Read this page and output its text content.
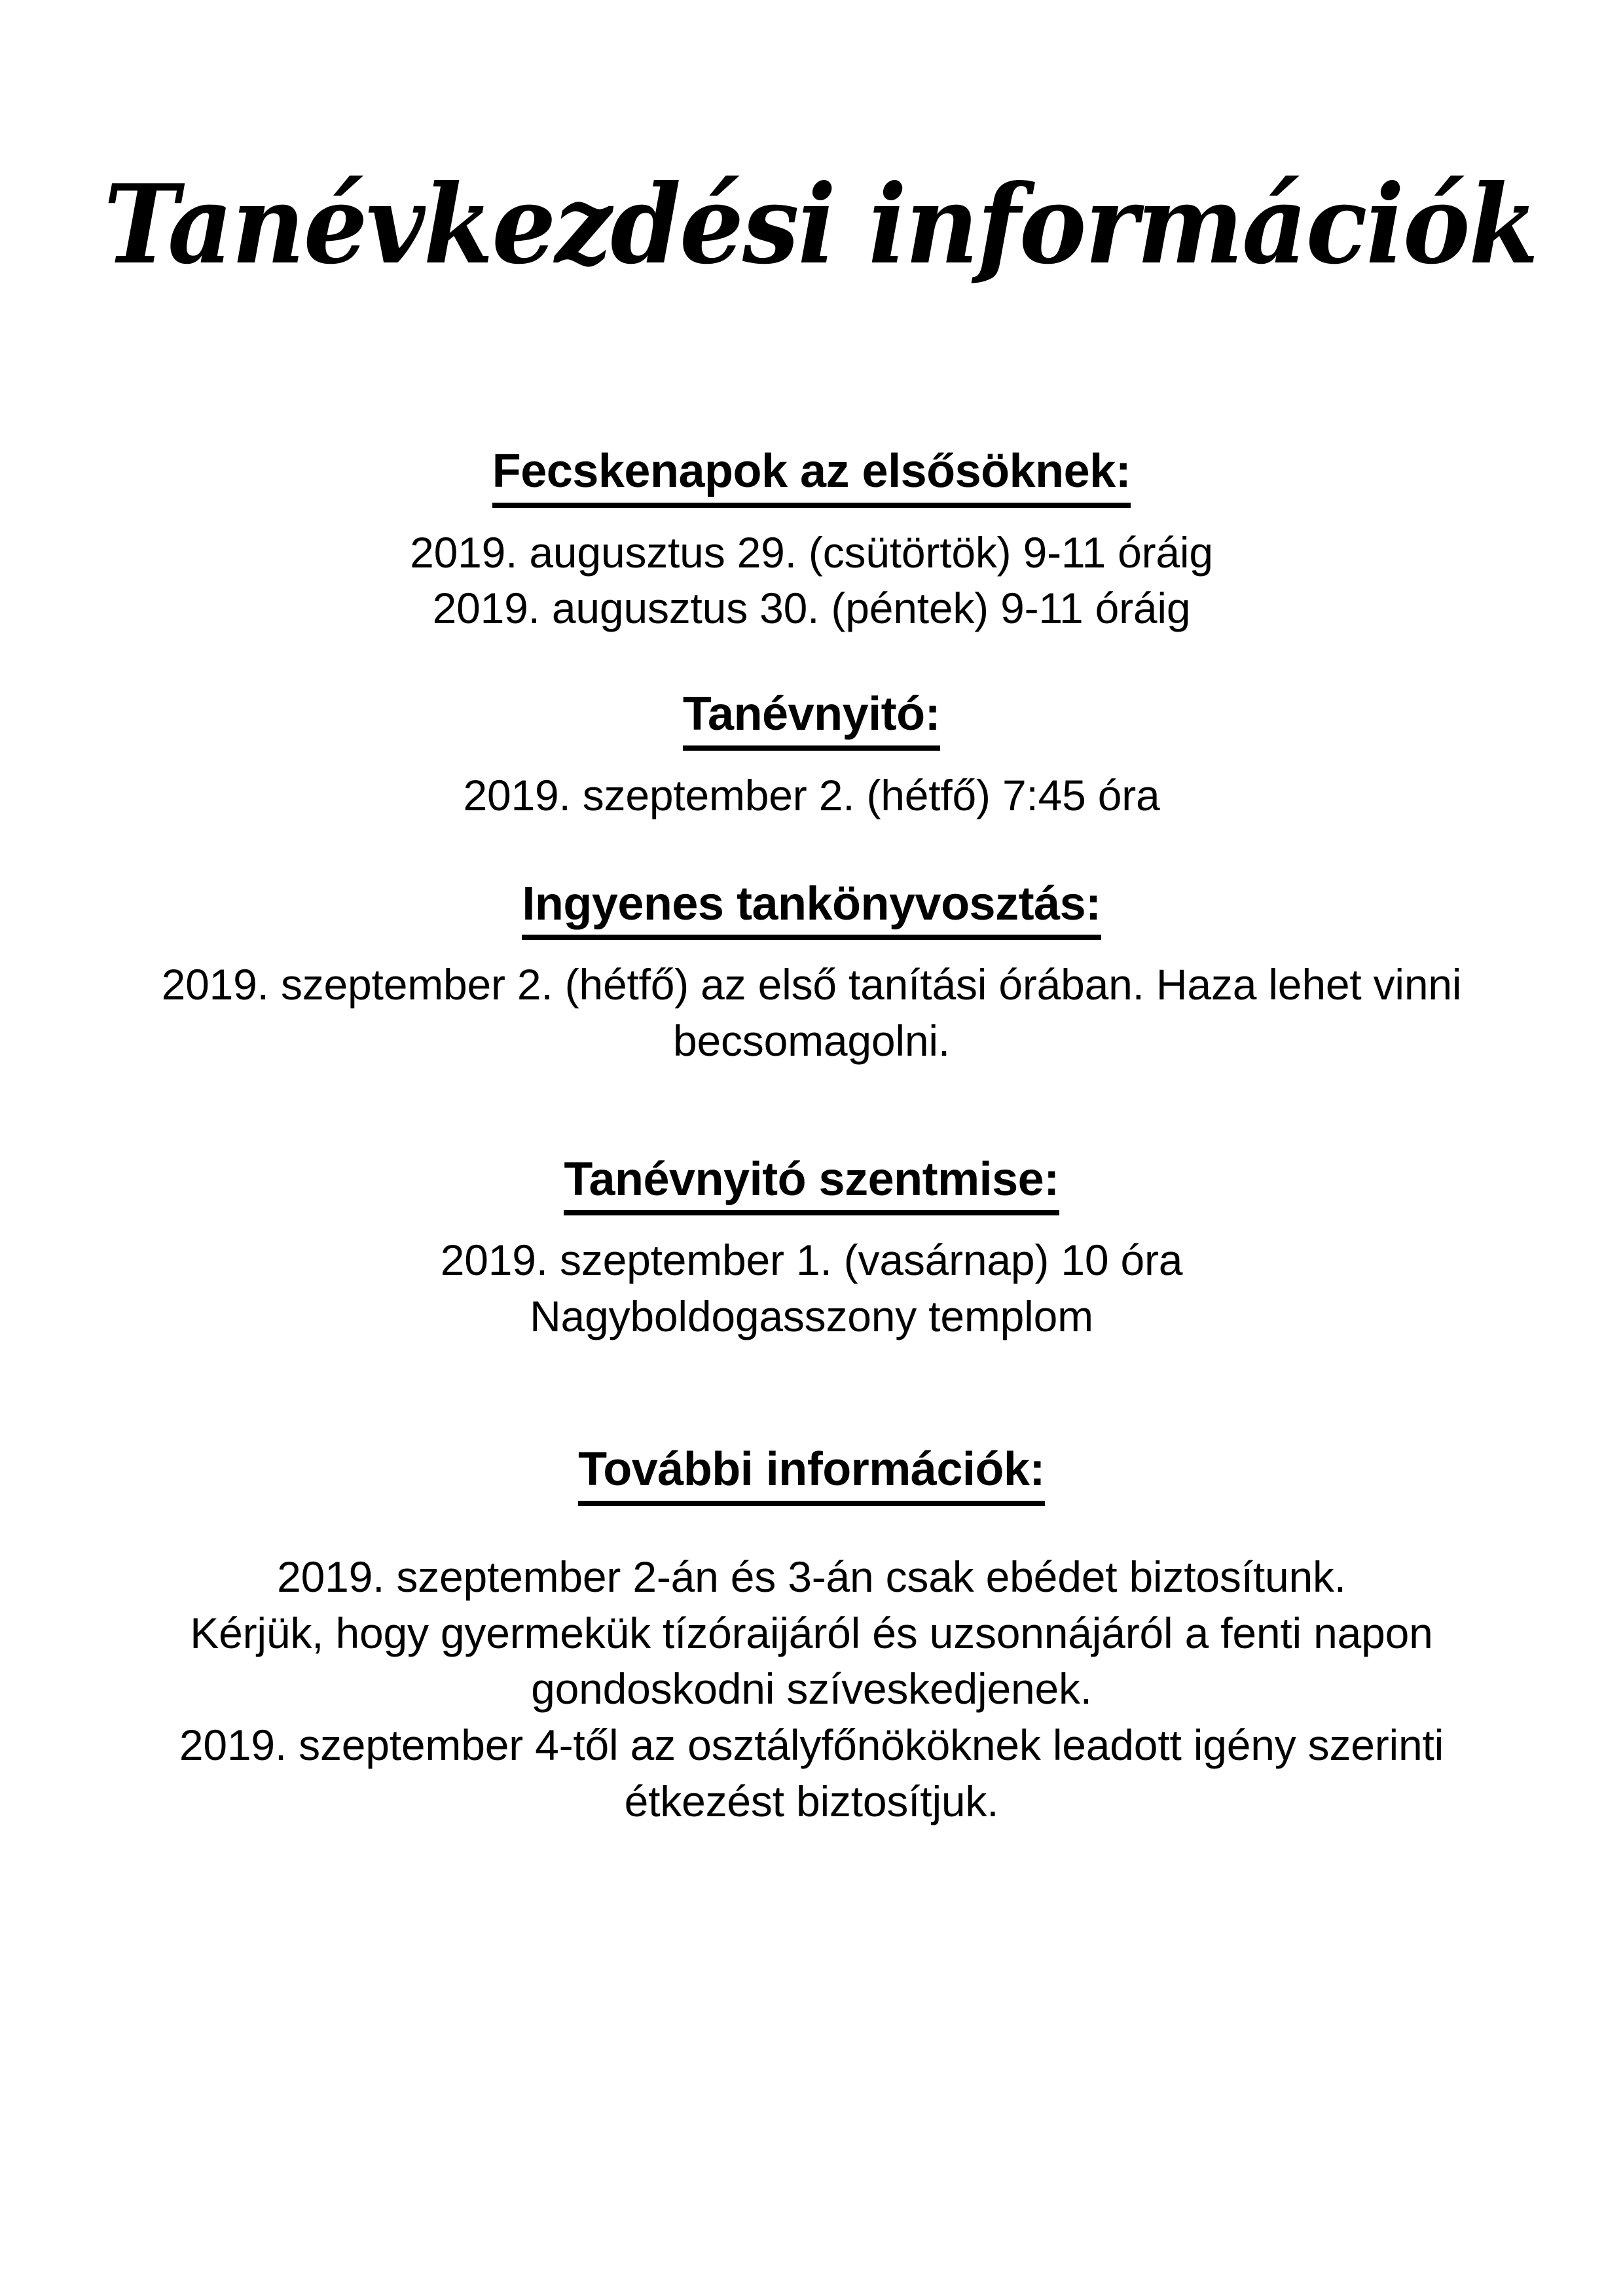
Tanévkezdési információk
Fecskenapok az elsősöknek:

2019. augusztus 29. (csütörtök) 9-11 óráig

2019. augusztus 30. (péntek) 9-11 óráig

Tanévnyitó:

2019. szeptember 2. (hétfő) 7:45 óra

Ingyenes tankönyvosztás:

2019. szeptember 2. (hétfő) az első tanítási órában. Haza lehet vinni

becsomagolni.

Tanévnyitó szentmise:

2019. szeptember 1. (vasárnap) 10 óra

Nagyboldogasszony templom

További információk:

2019. szeptember 2-án és 3-án csak ebédet biztosítunk.

Kérjük, hogy gyermekük tízóraijáról és uzsonnájáról a fenti napon

gondoskodni szíveskedjenek.

2019. szeptember 4-től az osztályfőnököknek leadott igény szerinti

étkezést biztosítjuk.
